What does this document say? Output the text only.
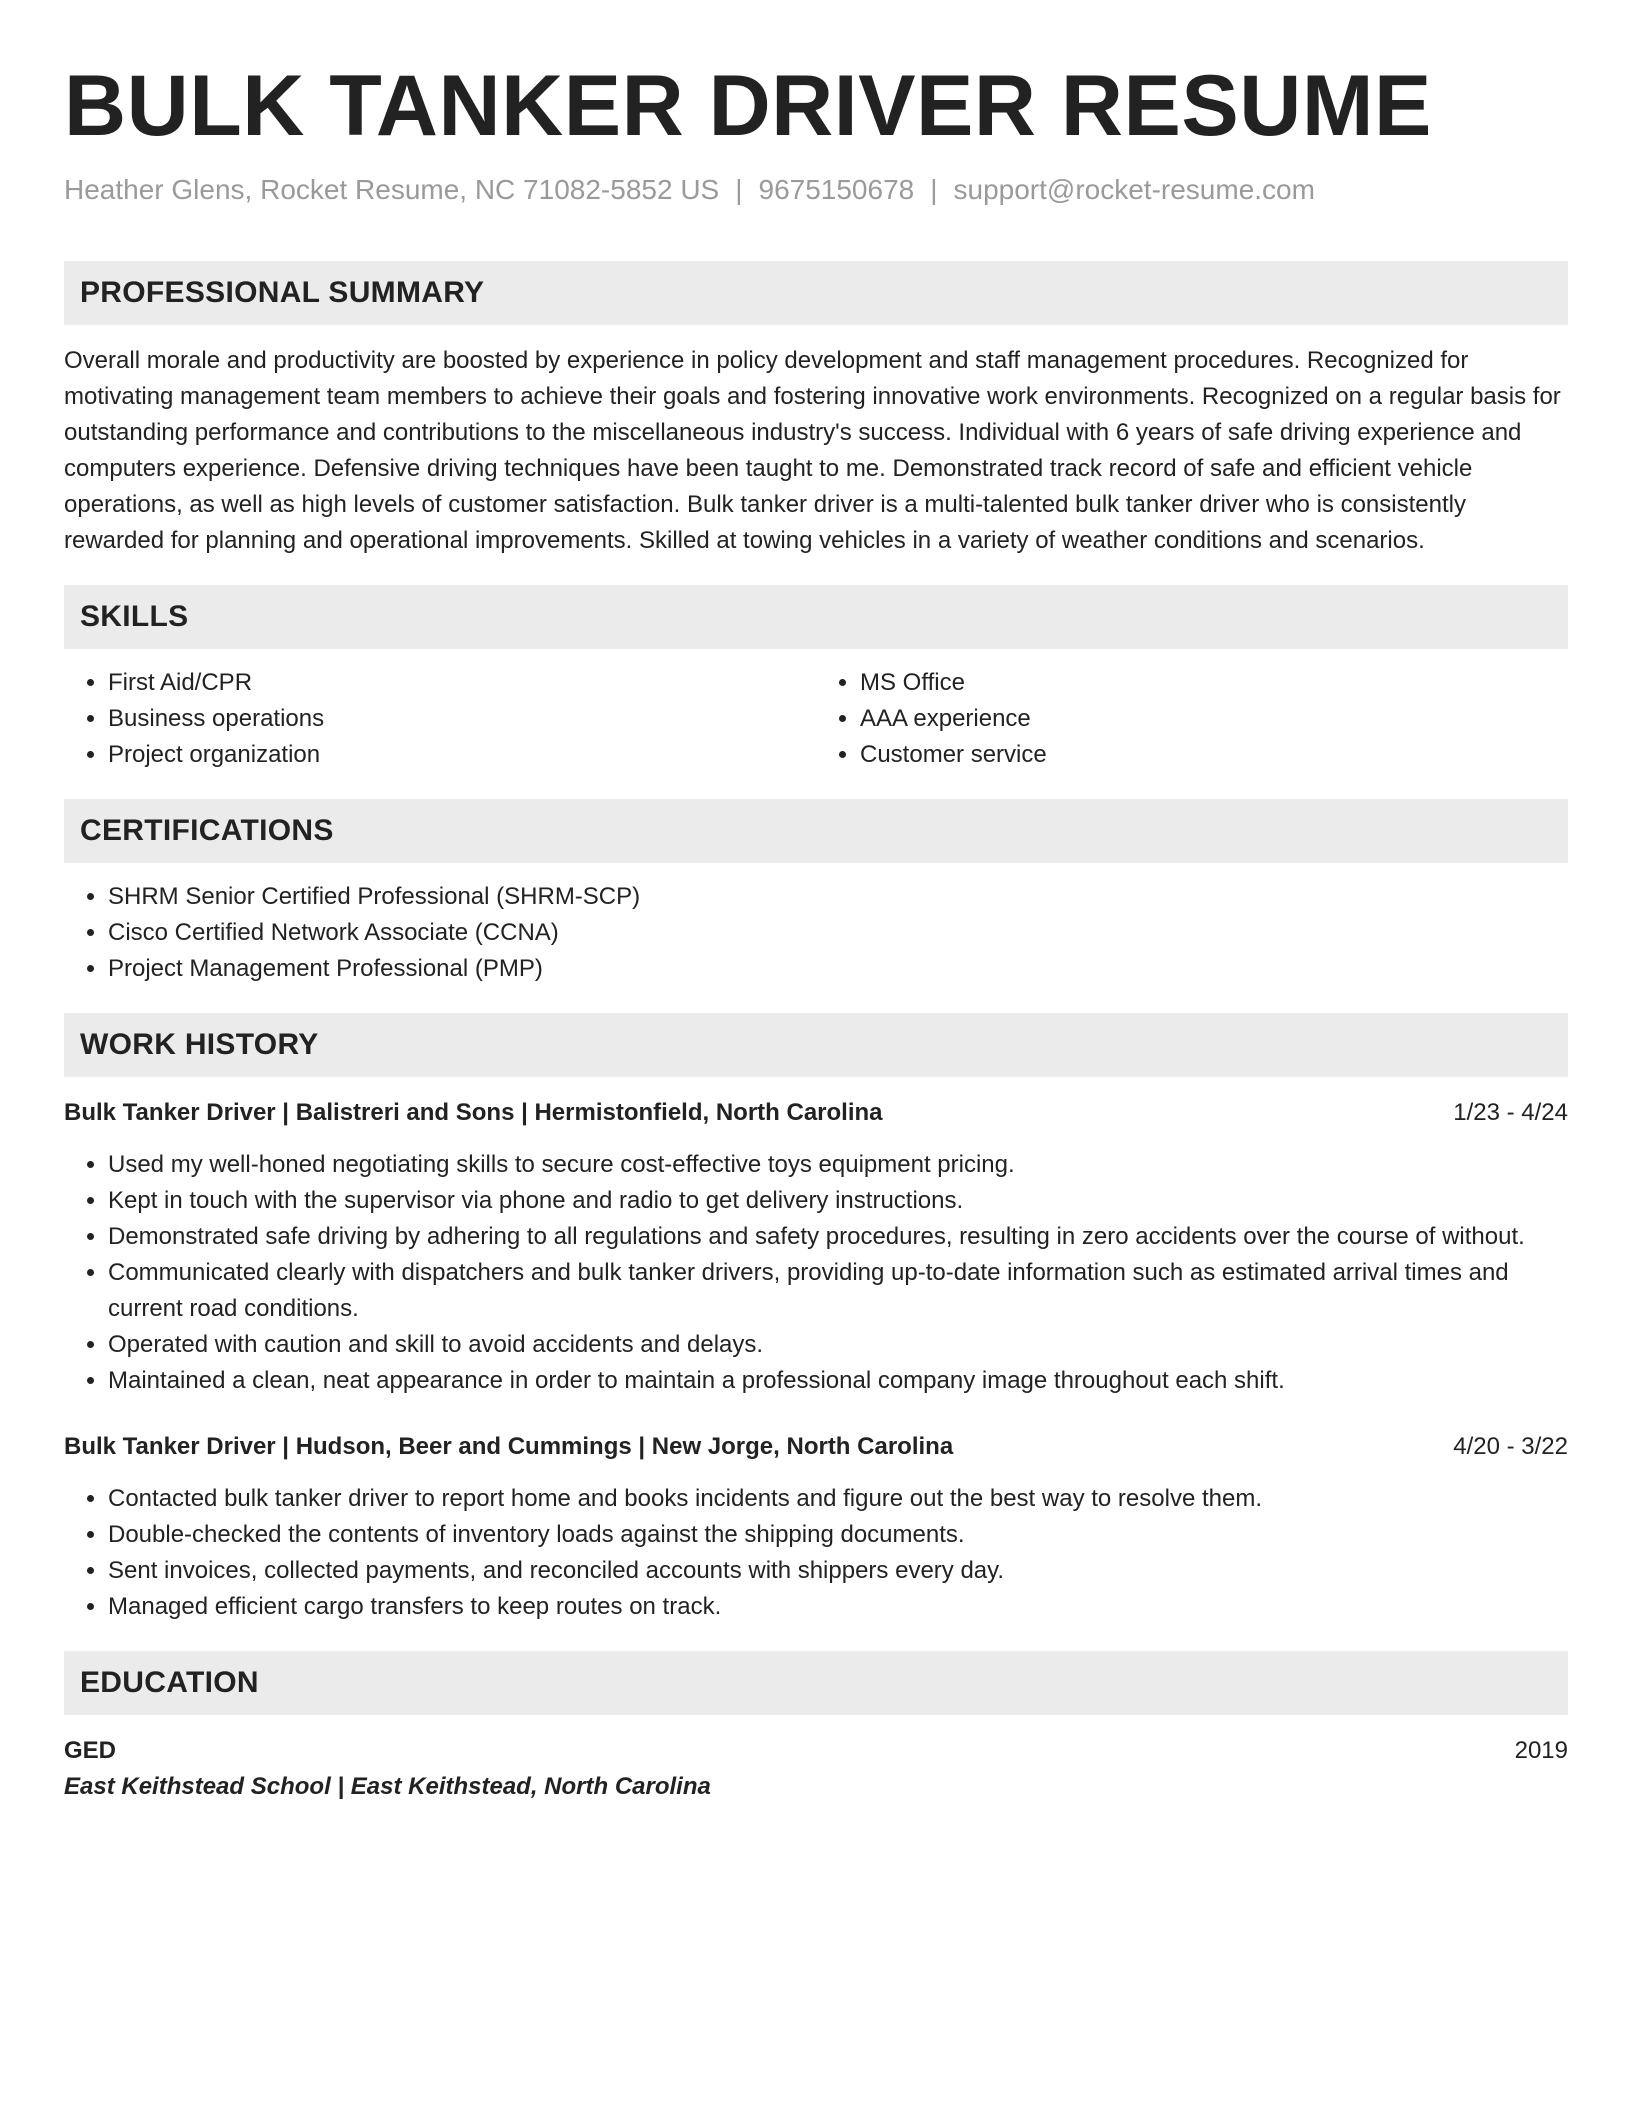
BULK TANKER DRIVER RESUME
Heather Glens, Rocket Resume, NC 71082-5852 US | 9675150678 | support@rocket-resume.com
PROFESSIONAL SUMMARY

Overall morale and productivity are boosted by experience in policy development and staff management procedures. Recognized for motivating management team members to achieve their goals and fostering innovative work environments. Recognized on a regular basis for outstanding performance and contributions to the miscellaneous industry's success. Individual with 6 years of safe driving experience and computers experience. Defensive driving techniques have been taught to me. Demonstrated track record of safe and efficient vehicle operations, as well as high levels of customer satisfaction. Bulk tanker driver is a multi-talented bulk tanker driver who is consistently rewarded for planning and operational improvements. Skilled at towing vehicles in a variety of weather conditions and scenarios.

SKILLS
• First Aid/CPR
• Business operations
• Project organization
• MS Office
• AAA experience
• Customer service
CERTIFICATIONS
• SHRM Senior Certified Professional (SHRM-SCP)
• Cisco Certified Network Associate (CCNA)
• Project Management Professional (PMP)
WORK HISTORY
Bulk Tanker Driver | Balistreri and Sons | Hermistonfield, North Carolina	1/23 - 4/24
• Used my well-honed negotiating skills to secure cost-effective toys equipment pricing.
• Kept in touch with the supervisor via phone and radio to get delivery instructions.
• Demonstrated safe driving by adhering to all regulations and safety procedures, resulting in zero accidents over the course of without.
• Communicated clearly with dispatchers and bulk tanker drivers, providing up-to-date information such as estimated arrival times and current road conditions.
• Operated with caution and skill to avoid accidents and delays.
• Maintained a clean, neat appearance in order to maintain a professional company image throughout each shift.
Bulk Tanker Driver | Hudson, Beer and Cummings | New Jorge, North Carolina	4/20 - 3/22
• Contacted bulk tanker driver to report home and books incidents and figure out the best way to resolve them.
• Double-checked the contents of inventory loads against the shipping documents.
• Sent invoices, collected payments, and reconciled accounts with shippers every day.
• Managed efficient cargo transfers to keep routes on track.
EDUCATION
GED	2019
East Keithstead School | East Keithstead, North Carolina
